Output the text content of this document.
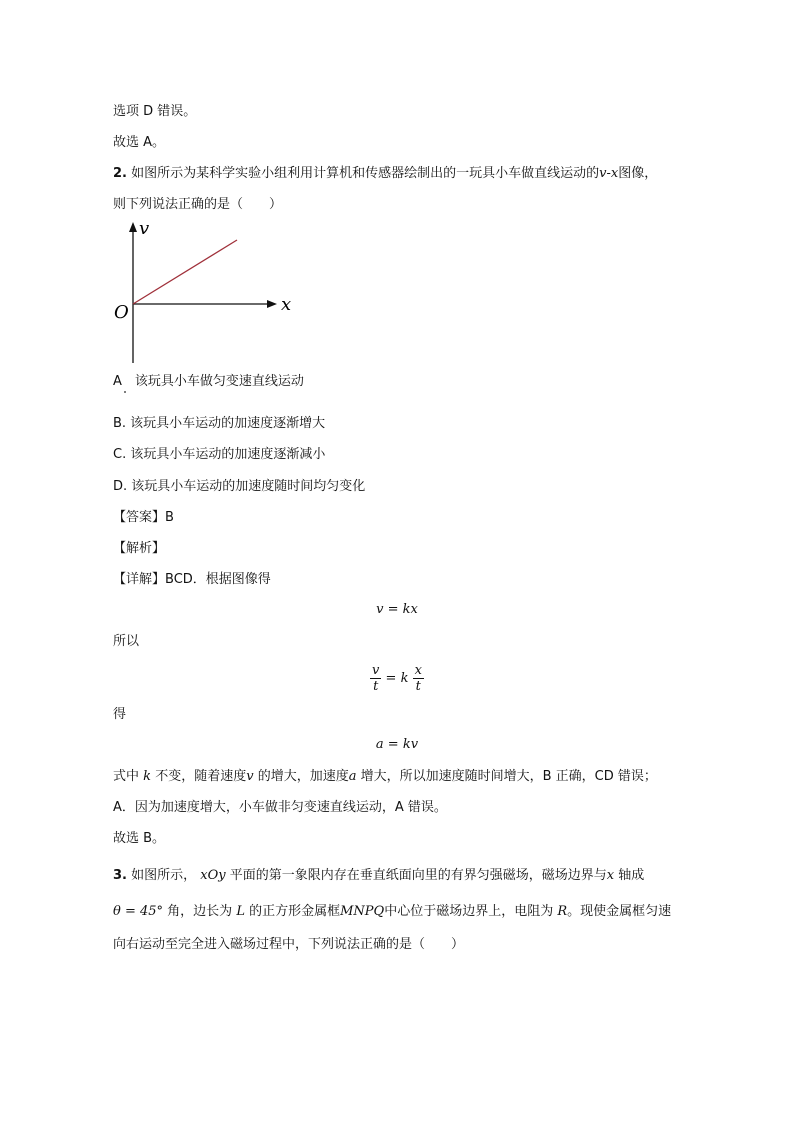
选项 D 错误。
故选 A。
2. 如图所示为某科学实验小组利用计算机和传感器绘制出的一玩具小车做直线运动的v-x图像，
则下列说法正确的是（　　）
v
x
O
A　该玩具小车做匀变速直线运动
B. 该玩具小车运动的加速度逐渐增大
C. 该玩具小车运动的加速度逐渐减小
D. 该玩具小车运动的加速度随时间均匀变化
【答案】B
【解析】
【详解】BCD．根据图像得
v = kx
所以
$\frac{v}{t} = k \frac{x}{t}$
得
a = kv
式中 k 不变，随着速度v 的增大，加速度a 增大，所以加速度随时间增大，B 正确，CD 错误；
A．因为加速度增大，小车做非匀变速直线运动，A 错误。
故选 B。
3. 如图所示， xOy 平面的第一象限内存在垂直纸面向里的有界匀强磁场，磁场边界与x 轴成
θ = 45° 角，边长为 L 的正方形金属框MNPQ中心位于磁场边界上，电阻为 R。现使金属框匀速
向右运动至完全进入磁场过程中，下列说法正确的是（　　）
